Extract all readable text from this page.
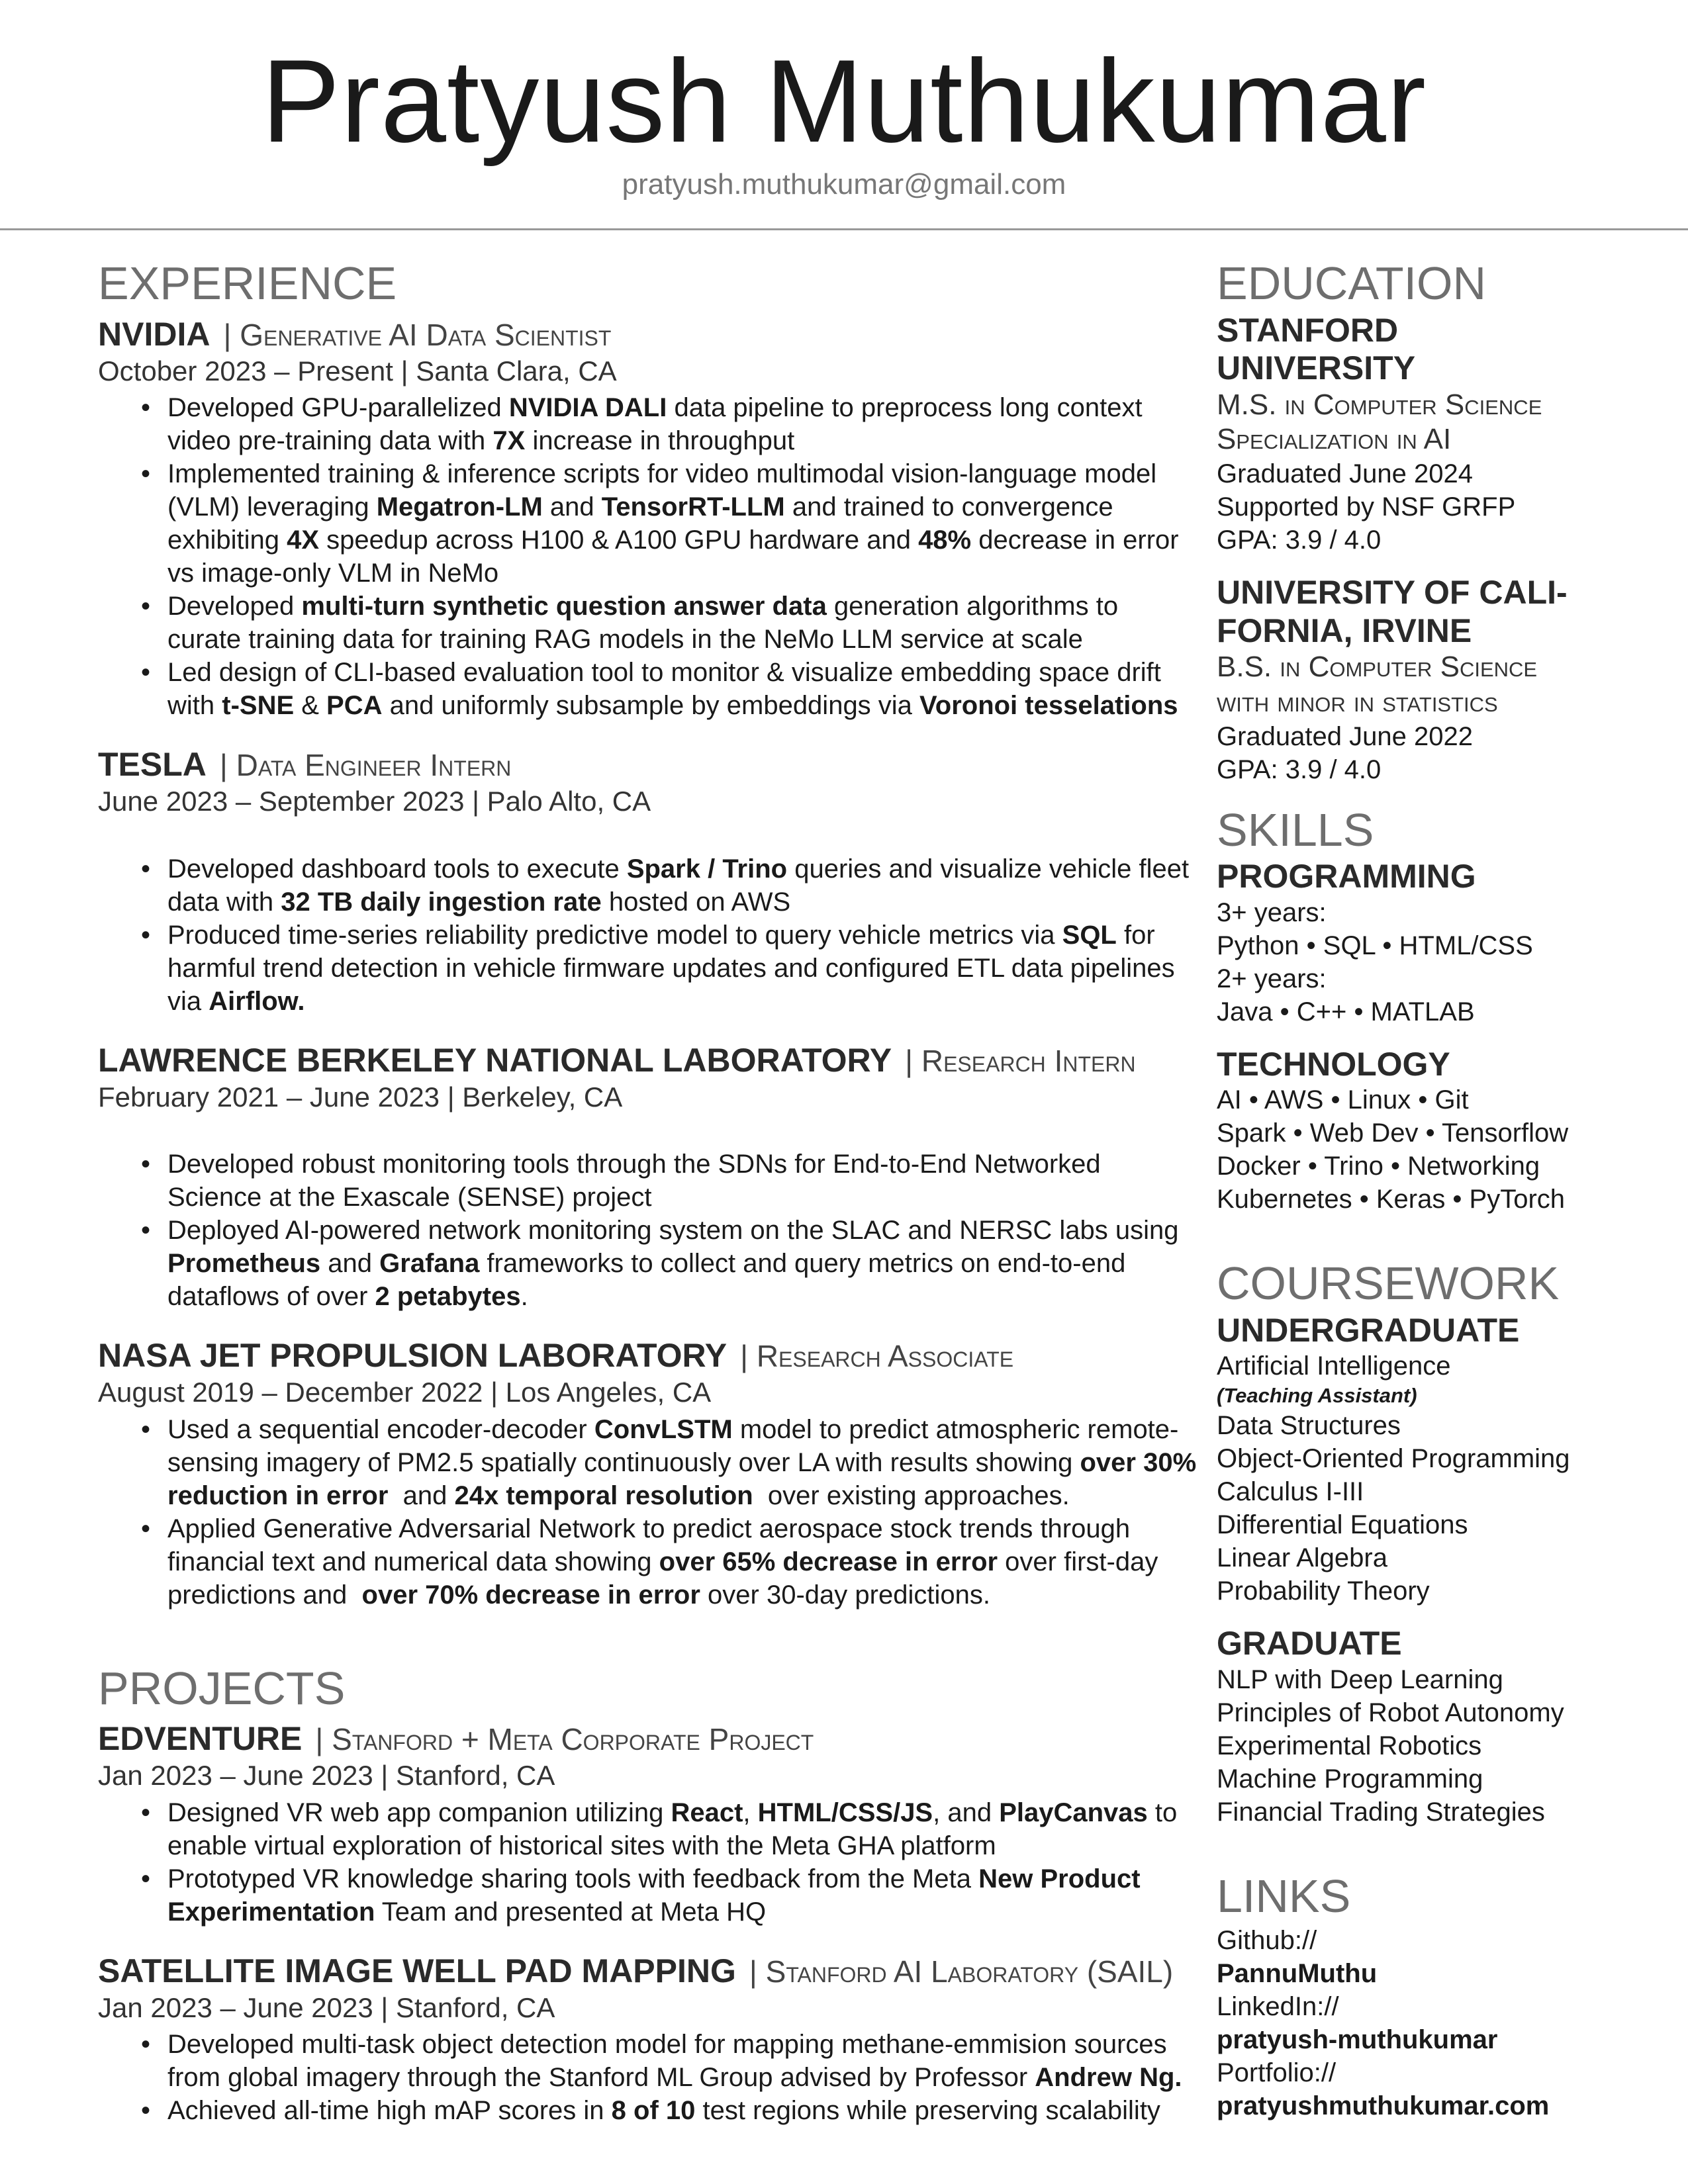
Pratyush Muthukumar
pratyush.muthukumar@gmail.com
EXPERIENCE
NVIDIA | Generative AI Data Scientist
October 2023 – Present | Santa Clara, CA
• Developed GPU-parallelized NVIDIA DALI data pipeline to preprocess long context video pre-training data with 7X increase in throughput
• Implemented training & inference scripts for video multimodal vision-language model (VLM) leveraging Megatron-LM and TensorRT-LLM and trained to convergence exhibiting 4X speedup across H100 & A100 GPU hardware and 48% decrease in error vs image-only VLM in NeMo
• Developed multi-turn synthetic question answer data generation algorithms to curate training data for training RAG models in the NeMo LLM service at scale
• Led design of CLI-based evaluation tool to monitor & visualize embedding space drift with t-SNE & PCA and uniformly subsample by embeddings via Voronoi tesselations
TESLA | Data Engineer Intern
June 2023 – September 2023 | Palo Alto, CA
• Developed dashboard tools to execute Spark / Trino queries and visualize vehicle fleet data with 32 TB daily ingestion rate hosted on AWS
• Produced time-series reliability predictive model to query vehicle metrics via SQL for harmful trend detection in vehicle firmware updates and configured ETL data pipelines via Airflow.
LAWRENCE BERKELEY NATIONAL LABORATORY | Research Intern
February 2021 – June 2023 | Berkeley, CA
• Developed robust monitoring tools through the SDNs for End-to-End Networked Science at the Exascale (SENSE) project
• Deployed AI-powered network monitoring system on the SLAC and NERSC labs using Prometheus and Grafana frameworks to collect and query metrics on end-to-end dataflows of over 2 petabytes.
NASA JET PROPULSION LABORATORY | Research Associate
August 2019 – December 2022 | Los Angeles, CA
• Used a sequential encoder-decoder ConvLSTM model to predict atmospheric remote-sensing imagery of PM2.5 spatially continuously over LA with results showing over 30% reduction in error  and 24x temporal resolution  over existing approaches.
• Applied Generative Adversarial Network to predict aerospace stock trends through financial text and numerical data showing over 65% decrease in error over first-day predictions and  over 70% decrease in error over 30-day predictions.
PROJECTS
EDVENTURE | Stanford + Meta Corporate Project
Jan 2023 – June 2023 | Stanford, CA
• Designed VR web app companion utilizing React, HTML/CSS/JS, and PlayCanvas to enable virtual exploration of historical sites with the Meta GHA platform
• Prototyped VR knowledge sharing tools with feedback from the Meta New Product Experimentation Team and presented at Meta HQ
SATELLITE IMAGE WELL PAD MAPPING | Stanford AI Laboratory (SAIL)
Jan 2023 – June 2023 | Stanford, CA
• Developed multi-task object detection model for mapping methane-emmision sources from global imagery through the Stanford ML Group advised by Professor Andrew Ng.
• Achieved all-time high mAP scores in 8 of 10 test regions while preserving scalability
EDUCATION
STANFORD UNIVERSITY
M.S. in Computer Science
Specialization in AI
Graduated June 2024
Supported by NSF GRFP
GPA: 3.9 / 4.0
UNIVERSITY OF CALI- FORNIA, IRVINE
B.S. in Computer Science
with minor in statistics
Graduated June 2022
GPA: 3.9 / 4.0
SKILLS
PROGRAMMING
3+ years:
Python • SQL • HTML/CSS
2+ years:
Java • C++ • MATLAB
TECHNOLOGY
AI • AWS • Linux • Git
Spark • Web Dev • Tensorflow
Docker • Trino • Networking
Kubernetes • Keras • PyTorch
COURSEWORK
UNDERGRADUATE
Artificial Intelligence
(Teaching Assistant)
Data Structures
Object-Oriented Programming
Calculus I-III
Differential Equations
Linear Algebra
Probability Theory
GRADUATE
NLP with Deep Learning
Principles of Robot Autonomy
Experimental Robotics
Machine Programming
Financial Trading Strategies
LINKS
Github://
PannuMuthu
LinkedIn://
pratyush-muthukumar
Portfolio://
pratyushmuthukumar.com
